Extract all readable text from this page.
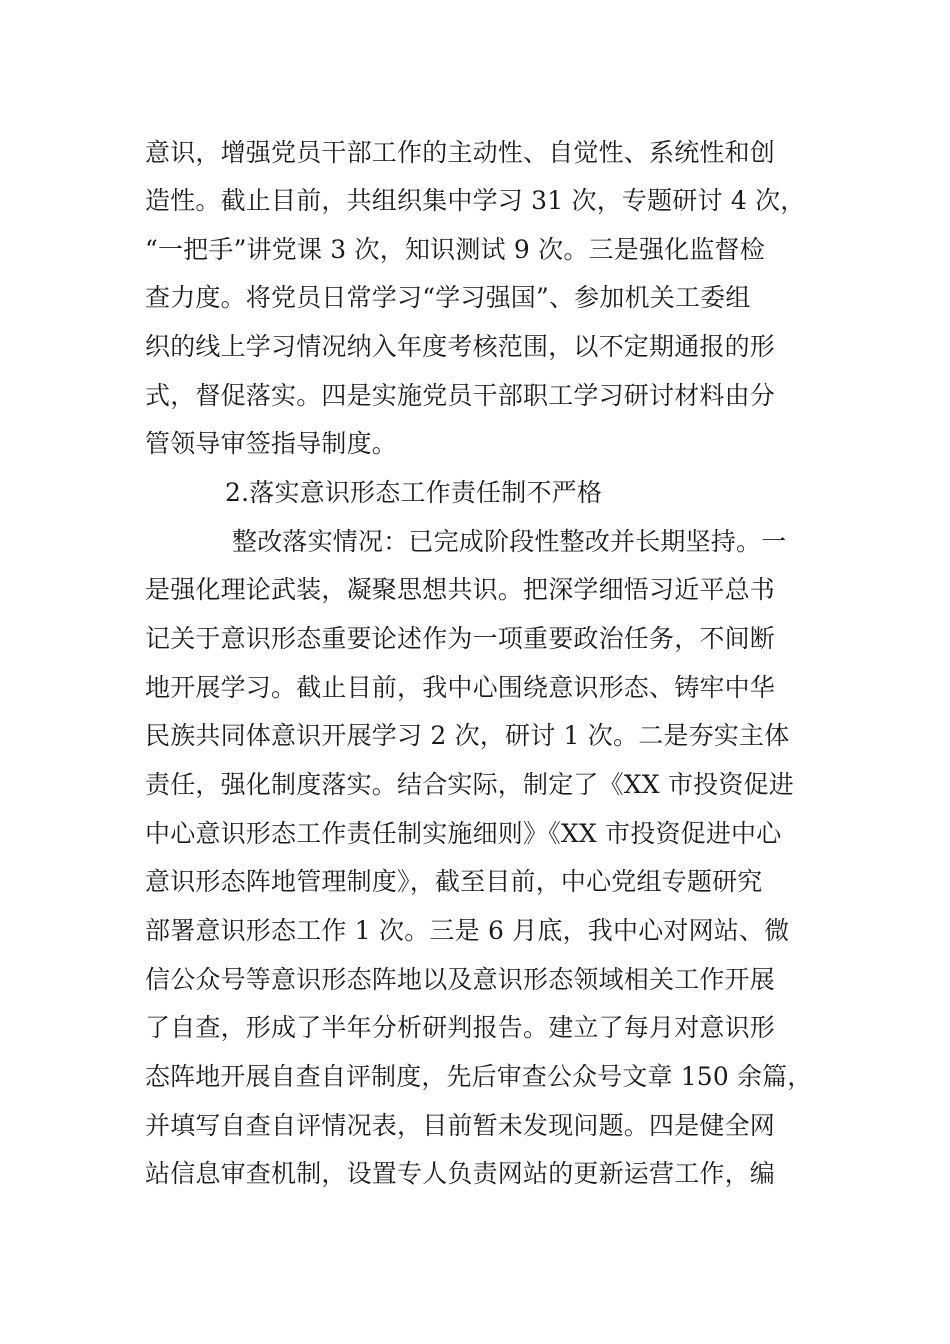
意识，增强党员干部工作的主动性、自觉性、系统性和创
造性。截止目前，共组织集中学习 31 次，专题研讨 4 次，
“一把手”讲党课 3 次，知识测试 9 次。三是强化监督检
查力度。将党员日常学习“学习强国”、参加机关工委组
织的线上学习情况纳入年度考核范围，以不定期通报的形
式，督促落实。四是实施党员干部职工学习研讨材料由分
管领导审签指导制度。
2.落实意识形态工作责任制不严格
整改落实情况：已完成阶段性整改并长期坚持。一
是强化理论武装，凝聚思想共识。把深学细悟习近平总书
记关于意识形态重要论述作为一项重要政治任务，不间断
地开展学习。截止目前，我中心围绕意识形态、铸牢中华
民族共同体意识开展学习 2 次，研讨 1 次。二是夯实主体
责任，强化制度落实。结合实际，制定了《XX 市投资促进
中心意识形态工作责任制实施细则》《XX 市投资促进中心
意识形态阵地管理制度》，截至目前，中心党组专题研究
部署意识形态工作 1 次。三是 6 月底，我中心对网站、微
信公众号等意识形态阵地以及意识形态领域相关工作开展
了自查，形成了半年分析研判报告。建立了每月对意识形
态阵地开展自查自评制度，先后审查公众号文章 150 余篇，
并填写自查自评情况表，目前暂未发现问题。四是健全网
站信息审查机制，设置专人负责网站的更新运营工作，编
